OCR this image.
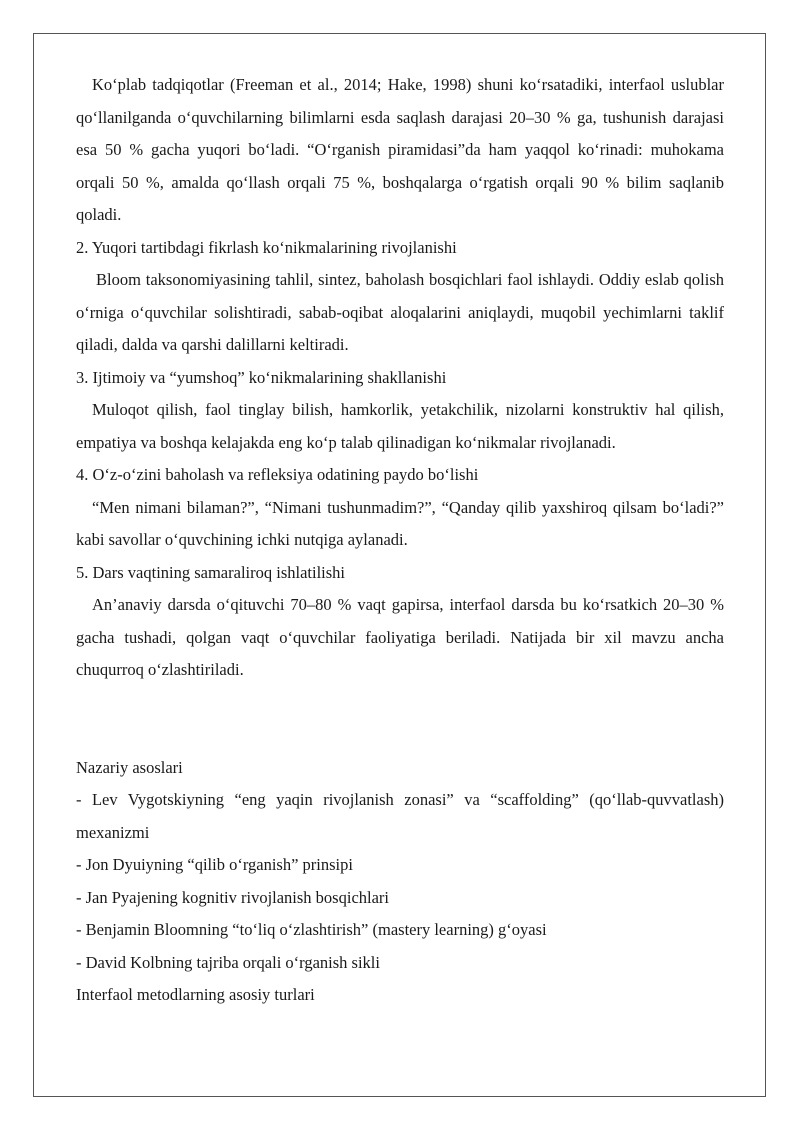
Ko‘plab tadqiqotlar (Freeman et al., 2014; Hake, 1998) shuni ko‘rsatadiki, interfaol uslublar qo‘llanilganda o‘quvchilarning bilimlarni esda saqlash darajasi 20–30 % ga, tushunish darajasi esa 50 % gacha yuqori bo‘ladi. “O‘rganish piramidasi”da ham yaqqol ko‘rinadi: muhokama orqali 50 %, amalda qo‘llash orqali 75 %, boshqalarga o‘rgatish orqali 90 % bilim saqlanib qoladi.

2. Yuqori tartibdagi fikrlash ko‘nikmalarining rivojlanishi

Bloom taksonomiyasining tahlil, sintez, baholash bosqichlari faol ishlaydi. Oddiy eslab qolish o‘rniga o‘quvchilar solishtiradi, sabab-oqibat aloqalarini aniqlaydi, muqobil yechimlarni taklif qiladi, dalda va qarshi dalillarni keltiradi.

3. Ijtimoiy va “yumshoq” ko‘nikmalarining shakllanishi

Muloqot qilish, faol tinglay bilish, hamkorlik, yetakchilik, nizolarni konstruktiv hal qilish, empatiya va boshqa kelajakda eng ko‘p talab qilinadigan ko‘nikmalar rivojlanadi.

4. O‘z-o‘zini baholash va refleksiya odatining paydo bo‘lishi

“Men nimani bilaman?”, “Nimani tushunmadim?”, “Qanday qilib yaxshiroq qilsam bo‘ladi?” kabi savollar o‘quvchining ichki nutqiga aylanadi.

5. Dars vaqtining samaraliroq ishlatilishi

An’anaviy darsda o‘qituvchi 70–80 % vaqt gapirsa, interfaol darsda bu ko‘rsatkich 20–30 % gacha tushadi, qolgan vaqt o‘quvchilar faoliyatiga beriladi. Natijada bir xil mavzu ancha chuqurroq o‘zlashtiriladi.

Nazariy asoslari

- Lev Vygotskiyning “eng yaqin rivojlanish zonasi” va “scaffolding” (qo‘llab-quvvatlash) mexanizmi
- Jon Dyuiyning “qilib o‘rganish” prinsipi
- Jan Pyajening kognitiv rivojlanish bosqichlari
- Benjamin Bloomning “to‘liq o‘zlashtirish” (mastery learning) g‘oyasi
- David Kolbning tajriba orqali o‘rganish sikli

Interfaol metodlarning asosiy turlari
